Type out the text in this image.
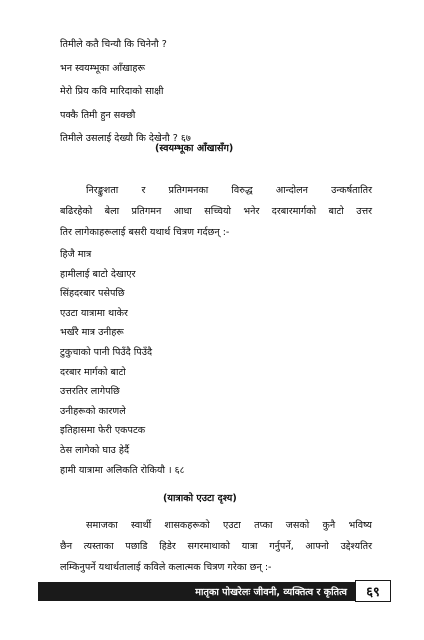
तिमीले कतै चिन्यौ कि चिनेनौ ?
भन स्वयम्भूका आँखाहरू
मेरो प्रिय कवि मारिदाको साक्षी
पक्कै तिमी हुन सक्छौ
तिमीले उसलाई देख्यौ कि देखेनौ ? ६७
(स्वयम्भूका आँखासँग)
निरङ्कुशता र प्रतिगमनका विरुद्ध आन्दोलन उन्कर्षतातिर
बढिरहेको बेला प्रतिगमन आधा सच्चियो भनेर दरबारमार्गको बाटो उत्तर
तिर लागेकाहरूलाई बसरी यथार्थ चित्रण गर्दछन् :-
हिजै मात्र
हामीलाई बाटो देखाएर
सिंहदरबार पसेपछि
एउटा यात्रामा थाकेर
भर्खरै मात्र उनीहरू
टुकुचाको पानी पिउँदै पिउँदै
दरबार मार्गको बाटो
उत्तरतिर लागेपछि
उनीहरूको कारणले
इतिहासमा फेरी एकपटक
ठेस लागेको घाउ हेर्दै
हामी यात्रामा अलिकति रोकियौ । ६८
(यात्राको एउटा दृश्य)
समाजका स्वार्थी शासकहरूको एउटा तप्का जसको कुनै भविष्य
छैन त्यस्ताका पछाडि हिडेर सगरमाथाको यात्रा गर्नुपर्ने, आफ्नो उद्देश्यतिर
लम्किनुपर्ने यथार्थतालाई कविले कलात्मक चित्रण गरेका छन् :-
मातृका पोखरेलः जीवनी, व्यक्तित्व र कृतित्व ६९
